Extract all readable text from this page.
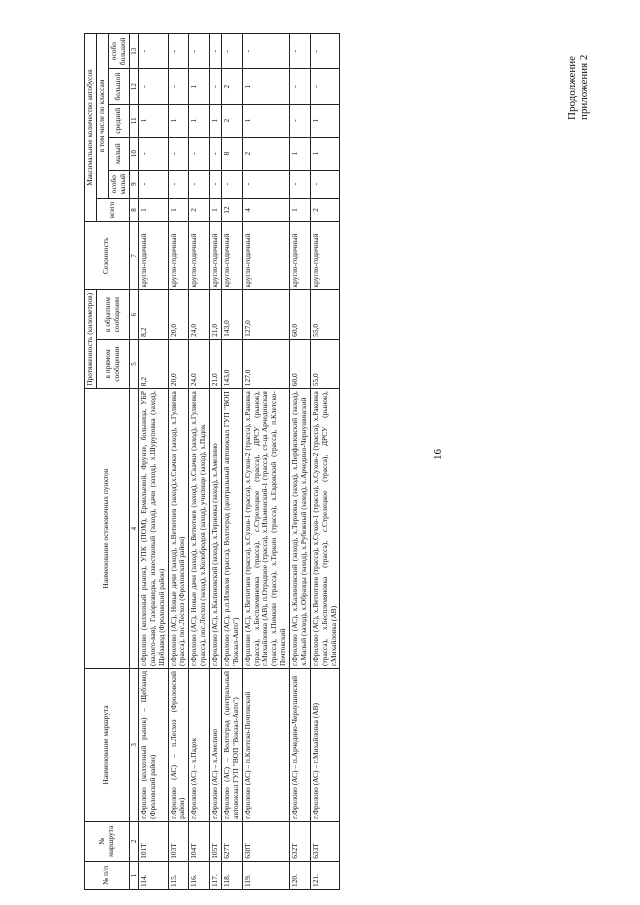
16
Продолжение приложения 2
№ п/п	№ маршрута	Наименование маршрута	Наименование остановочных пунктов	Протяженность (километров)		Сезонность	Максимальное количество автобусов					
				в прямом сообщении	в обратном сообщении		всего	в том числе по классам				
								особо малый	малый	средний	большой	особо большой
1	2	3	4	5	6	7	8	9	10	11	12	13
114.	101Т	г.Фролово (колхозный рынок) – Щебзавод (Фроловский район)	г.Фролово (колхозный рынок), УПК (ПОМ), Ермильевой, Фрунзе, больница, УБР (налого-вая), Газоразведка, известковый (заход), дачи (заход), х.Шуруповка (заход), Щебзавод (Фроловский район)	8,2	8,2	кругло-годичный	1	-	-	1	-	-
115.	103Т	г.Фролово (АС) – п.Лесхоз (Фроловский район)	г.Фролово (АС), Новые дачи (заход), х.Ветютнев (заход),х.Скачки (заход), х.Гуляевка (трасса), пос.Лесхоз (Фроловский район)	20,0	20,0	кругло-годичный	1	-	-	1	-	-
116.	104Т	г.Фролово (АС) – х.Падок	г.Фролово (АС), Новые дачи (заход), х.Ветютнев (заход), х.Скачки (заход), х.Гуляевка (трасса), пос.Лесхоз (заход), х.Колобродов (заход), училище (заход), х.Падок	24,0	24,0	кругло-годичный	2	-	-	1	1	-
117.	105Т	г.Фролово (АС) – х.Амелино	г.Фролово (АС), х.Калиновский (заход), х.Терновка (заход), х.Амелино	21,0	21,0	кругло-годичный	1	-	-	1	-	-
118.	627Т	г.Фролово (АС) – Волгоград (центральный автовокзал ГУП "ВОП "Вокзал-Авто")	г.Фролово (АС), р.п.Иловля (трасса), Волгоград (центральный автовокзал ГУП "ВОП "Вокзал-Авто")	143,0	143,0	кругло-годичный	12	-	8	2	2	-
119.	630Т	г.Фролово (АС) – п.Клетско-Почтовский	г.Фролово (АС), х.Ветютнев (трасса), х.Сухов-1 (трасса), х.Сухов-2 (трасса), х.Раковка (трасса), х.Бесплемяновка (трасса), с.Стрелецкое (трасса), ДРСУ (рынок), г.Михайловка (АВ), п.Отрадное (трасса), х.Ильменский-1 (трасса), ст-ца Арчединская (трасса), х.Пимкин (трасса), х.Теркин (трасса), х.Евдовский (трасса), п.Клетско-Почтовский	127,0	127,0	кругло-годичный	4	-	2	1	1	-
120.	632Т	г.Фролово (АС) – п.Арчедино-Чернушинский	г.Фролово (АС), х.Калиновский (заход), х.Терновка (заход), х.Перфиловский (заход), х.Малый (заход), х.Образцы (заход), х.Рубежный (заход), х.Арчедино-Чернушинский	60,0	60,0	кругло-годичный	1	-	1	-	-	-
121.	633Т	г.Фролово (АС) – г.Михайловка (АВ)	г.Фролово (АС), х.Ветютнев (трасса), х.Сухов-1 (трасса), х.Сухов-2 (трасса), х.Раковка (трасса), х.Бесплемяновка (трасса), с.Стрелецкое (трасса), ДРСУ (рынок), г.Михайловка (АВ)	55,0	55,0	кругло-годичный	2	-	1	1	-	-
